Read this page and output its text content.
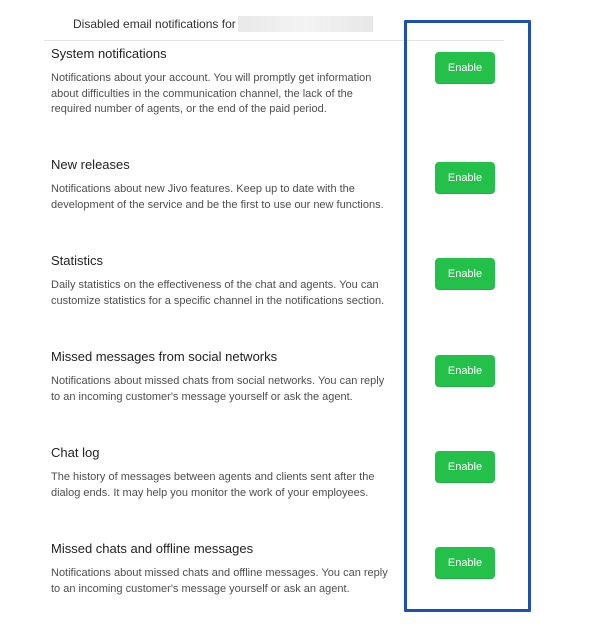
Disabled email notifications for

System notifications

Notifications about your account. You will promptly get information about difficulties in the communication channel, the lack of the required number of agents, or the end of the paid period.

Enable

New releases

Notifications about new Jivo features. Keep up to date with the development of the service and be the first to use our new functions.

Enable

Statistics

Daily statistics on the effectiveness of the chat and agents. You can customize statistics for a specific channel in the notifications section.

Enable

Missed messages from social networks

Notifications about missed chats from social networks. You can reply to an incoming customer's message yourself or ask the agent.

Enable

Chat log

The history of messages between agents and clients sent after the dialog ends. It may help you monitor the work of your employees.

Enable

Missed chats and offline messages

Notifications about missed chats and offline messages. You can reply to an incoming customer's message yourself or ask an agent.

Enable
